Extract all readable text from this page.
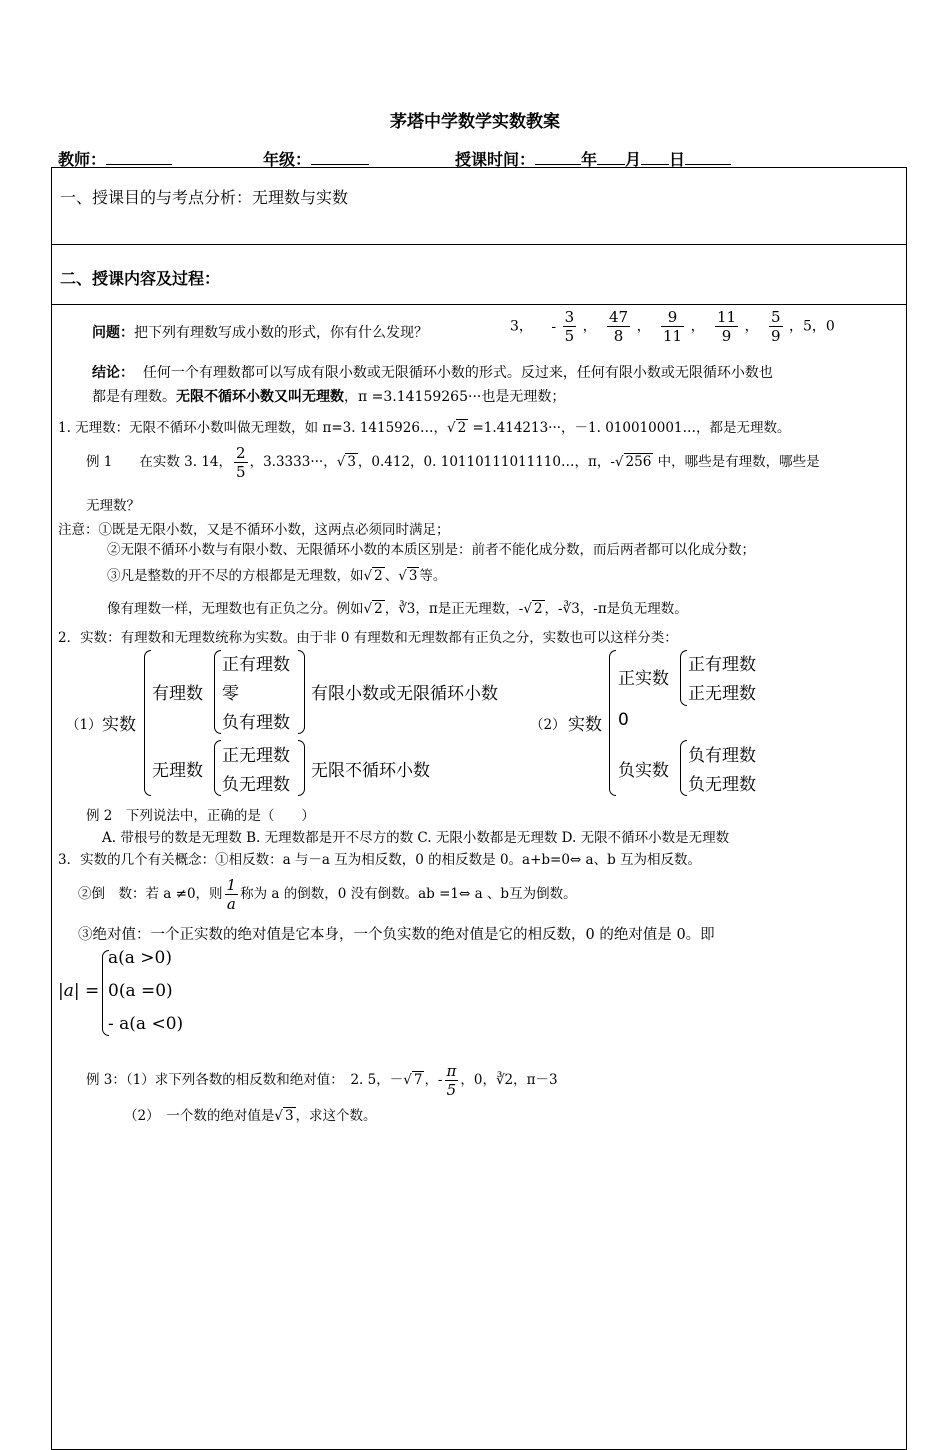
茅塔中学数学实数教案
教师：	年级：	授课时间：	年 月 日
一、授课目的与考点分析：无理数与实数
二、授课内容及过程：
问题：把下列有理数写成小数的形式，你有什么发现？	3， - $\frac{3}{5}$ ， $\frac{47}{8}$ ， $\frac{9}{11}$ ， $\frac{11}{9}$ ， $\frac{5}{9}$ ，5，0
结论： 任何一个有理数都可以写成有限小数或无限循环小数的形式。反过来，任何有限小数或无限循环小数也
都是有理数。无限不循环小数又叫无理数，π =3.14159265···也是无理数；
1. 无理数：无限不循环小数叫做无理数，如 π=3. 1415926…，√ 2 =1.414213···，－1. 010010001…，都是无理数。
例 1　　在实数 3. 14， $\frac{2}{5}$ ，3.3333···，√ 3 ，0.412，0. 10110111011110…，π，-√ 256 中，哪些是有理数，哪些是
无理数？
注意：①既是无限小数，又是不循环小数，这两点必须同时满足；
②无限不循环小数与有限小数、无限循环小数的本质区别是：前者不能化成分数，而后两者都可以化成分数；
③凡是整数的开不尽的方根都是无理数，如√ 2 、√ 3 等。
像有理数一样，无理数也有正负之分。例如√ 2 ，∛3，π是正无理数，-√ 2 ，-∛3，-π是负无理数。
2．实数：有理数和无理数统称为实数。由于非 0 有理数和无理数都有正负之分，实数也可以这样分类：
（1） 实数
有理数
正有理数
零
负有理数
有限小数或无限循环小数
无理数
正无理数
负无理数
无限不循环小数
（2） 实数
正实数
正有理数
正无理数
0
负实数
负有理数
负无理数
例 2　下列说法中，正确的是（　　）
A. 带根号的数是无理数 B. 无理数都是开不尽方的数 C. 无限小数都是无理数 D. 无限不循环小数是无理数
3．实数的几个有关概念：①相反数：a 与－a 互为相反数，0 的相反数是 0。a+b=0⇔ a、b 互为相反数。
②倒　数：若 a ≠0，则 $\frac{1}{a}$ 称为 a 的倒数，0 没有倒数。ab =1⇔ a 、b互为倒数。
③绝对值：一个正实数的绝对值是它本身，一个负实数的绝对值是它的相反数，0 的绝对值是 0。即
|a| =
a(a >0)
0(a =0)
- a(a <0)
例 3：（1）求下列各数的相反数和绝对值：　2. 5，－√ 7 ，- $\frac{\pi}{5}$ ，0，∛2，π－3
（2）　一个数的绝对值是√ 3 ，求这个数。
